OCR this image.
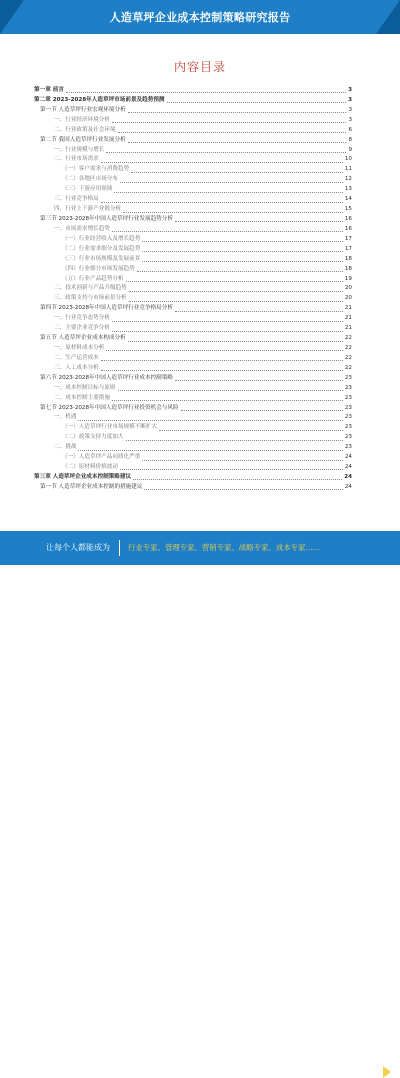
人造草坪企业成本控制策略研究报告
内容目录
第一章 前言	3
第二章 2023-2028年人造草坪市场前景及趋势预测	3
第一节 人造草坪行业宏观环境分析	3
一、行业经济环境分析	3
二、行业政策及社会环境	6
第二节 我国人造草坪行业发展分析	8
一、行业规模与增长	9
二、行业市场需求	10
（一）客户需求与消费趋势	11
（二）各地区市场分布	12
（三）下游应用领域	13
三、行业竞争格局	14
四、行业上下游产业链分析	15
第三节 2023-2028年中国人造草坪行业发展趋势分析	16
一、市场需求增长趋势	16
（一）行业经营收入及增长趋势	17
（二）行业需求细分及发展趋势	17
（三）行业市场规模及发展前景	18
（四）行业细分市场发展趋势	18
（五）行业产品趋势分析	19
二、技术创新与产品升级趋势	20
三、政策支持与市场前景分析	20
第四节 2023-2028年中国人造草坪行业竞争格局分析	21
一、行业竞争态势分析	21
二、主要企业竞争分析	21
第五节 人造草坪企业成本构成分析	22
一、原材料成本分析	22
二、生产运营成本	22
三、人工成本分析	22
第六节 2023-2028年中国人造草坪行业成本控制策略	23
一、成本控制目标与原则	23
二、成本控制主要措施	23
第七节 2023-2028年中国人造草坪行业投资机会与风险	23
一、机遇	23
（一）人造草坪行业市场规模不断扩大	23
（二）政策支持力度加大	23
二、挑战	23
（一）人造草坪产品同质化严重	24
（二）原材料价格波动	24
第三章 人造草坪企业成本控制策略建议	24
第一节 人造草坪企业成本控制的措施建议	24
让每个人都能成为 行业专家、管理专家、营销专家、战略专家、成本专家……
